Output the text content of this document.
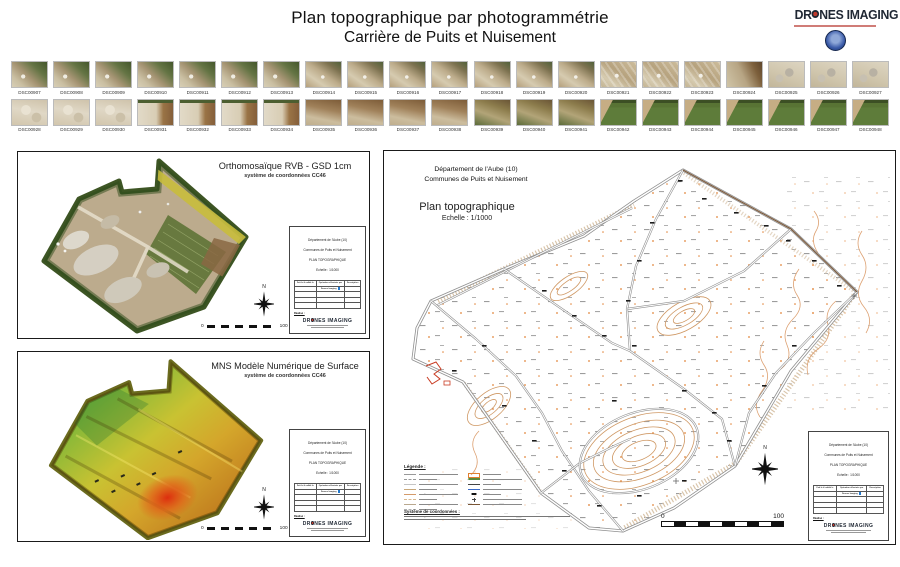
Plan topographique par photogrammétrie
Carrière de Puits et Nuisement
DR NES IMAGING
DSC00907	DSC00908	DSC00909	DSC00910	DSC00911	DSC00912	DSC00913	DSC00914	DSC00915	DSC00916	DSC00917	DSC00918	DSC00919	DSC00920	DSC00921	DSC00922	DSC00923	DSC00924	DSC00925	DSC00926	DSC00927
DSC00928	DSC00929	DSC00930	DSC00931	DSC00932	DSC00933	DSC00934	DSC00935	DSC00936	DSC00937	DSC00938	DSC00939	DSC00940	DSC00941	DSC00942	DSC00943	DSC00944	DSC00945	DSC00946	DSC00947	DSC00948
Orthomosaïque RVB - GSD 1cm
système de coordonnées CC46
N
0	100
Département de l'Aube (10)
Communes de Puits et Nuisement
PLAN TOPOGRAPHIQUE
Echelle : 1/1000
Fait le & validé le	Opération effectuée par	Description
	Drones Imaging	

Réalisé :
DR NES IMAGING
MNS Modèle Numérique de Surface
système de coordonnées CC46
N
0	100
Département de l'Aube (10)
Communes de Puits et Nuisement
PLAN TOPOGRAPHIQUE
Echelle : 1/1000
Fait le & validé le	Opération effectuée par	Description
	Drones Imaging	

Réalisé :
DR NES IMAGING
Département de l'Aube (10)
Communes de Puits et Nuisement
Plan topographique
Echelle : 1/1000
Légende :
Système de coordonnées :
N
0	100
Département de l'Aube (10)
Communes de Puits et Nuisement
PLAN TOPOGRAPHIQUE
Echelle : 1/1000
Fait le & validé le	Opération effectuée par	Description
	Drones Imaging	

Réalisé :
DR NES IMAGING
